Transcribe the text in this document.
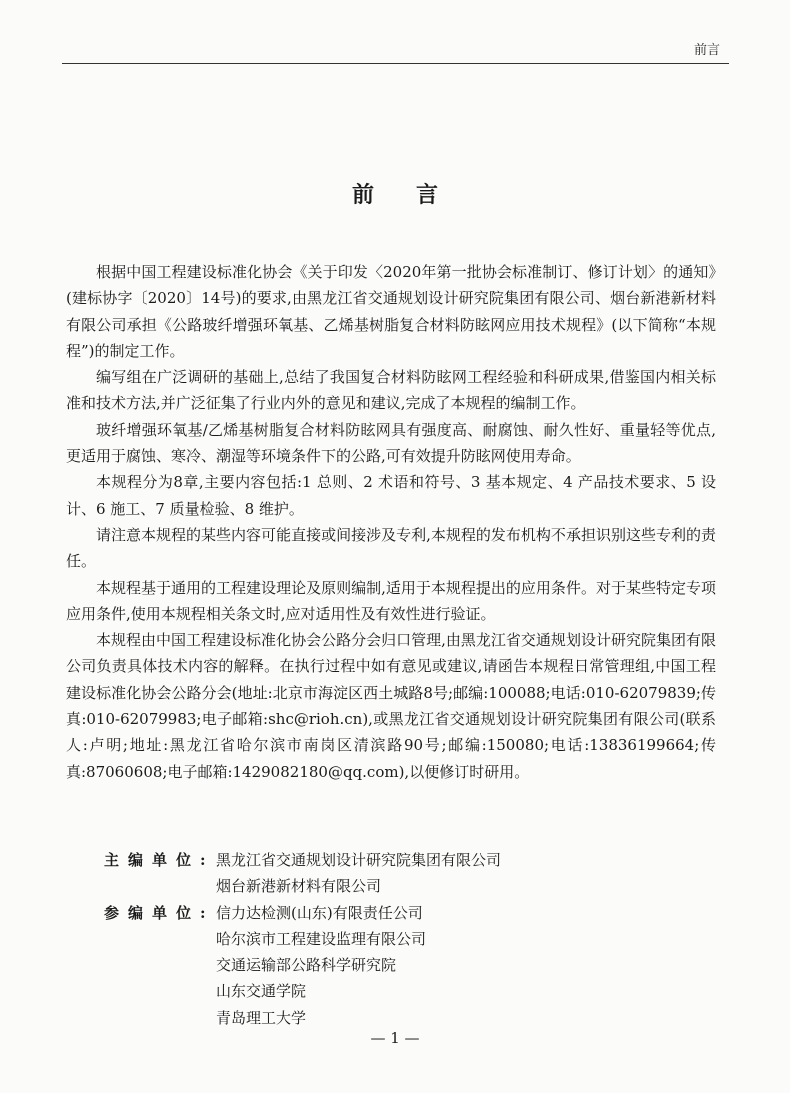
前言
前言

根据中国工程建设标准化协会《关于印发〈2020年第一批协会标准制订、修订计划〉的通知》(建标协字〔2020〕14号)的要求,由黑龙江省交通规划设计研究院集团有限公司、烟台新港新材料有限公司承担《公路玻纤增强环氧基、乙烯基树脂复合材料防眩网应用技术规程》(以下简称“本规程”)的制定工作。

编写组在广泛调研的基础上,总结了我国复合材料防眩网工程经验和科研成果,借鉴国内相关标准和技术方法,并广泛征集了行业内外的意见和建议,完成了本规程的编制工作。

玻纤增强环氧基/乙烯基树脂复合材料防眩网具有强度高、耐腐蚀、耐久性好、重量轻等优点,更适用于腐蚀、寒冷、潮湿等环境条件下的公路,可有效提升防眩网使用寿命。

本规程分为8章,主要内容包括:1 总则、2 术语和符号、3 基本规定、4 产品技术要求、5 设计、6 施工、7 质量检验、8 维护。

请注意本规程的某些内容可能直接或间接涉及专利,本规程的发布机构不承担识别这些专利的责任。

本规程基于通用的工程建设理论及原则编制,适用于本规程提出的应用条件。对于某些特定专项应用条件,使用本规程相关条文时,应对适用性及有效性进行验证。

本规程由中国工程建设标准化协会公路分会归口管理,由黑龙江省交通规划设计研究院集团有限公司负责具体技术内容的解释。在执行过程中如有意见或建议,请函告本规程日常管理组,中国工程建设标准化协会公路分会(地址:北京市海淀区西土城路8号;邮编:100088;电话:010-62079839;传真:010-62079983;电子邮箱:shc@rioh.cn),或黑龙江省交通规划设计研究院集团有限公司(联系人:卢明;地址:黑龙江省哈尔滨市南岗区清滨路90号;邮编:150080;电话:13836199664;传真:87060608;电子邮箱:1429082180@qq.com),以便修订时研用。

主编单位: 黑龙江省交通规划设计研究院集团有限公司
烟台新港新材料有限公司
参编单位: 信力达检测(山东)有限责任公司
哈尔滨市工程建设监理有限公司
交通运输部公路科学研究院
山东交通学院
青岛理工大学
— 1 —
